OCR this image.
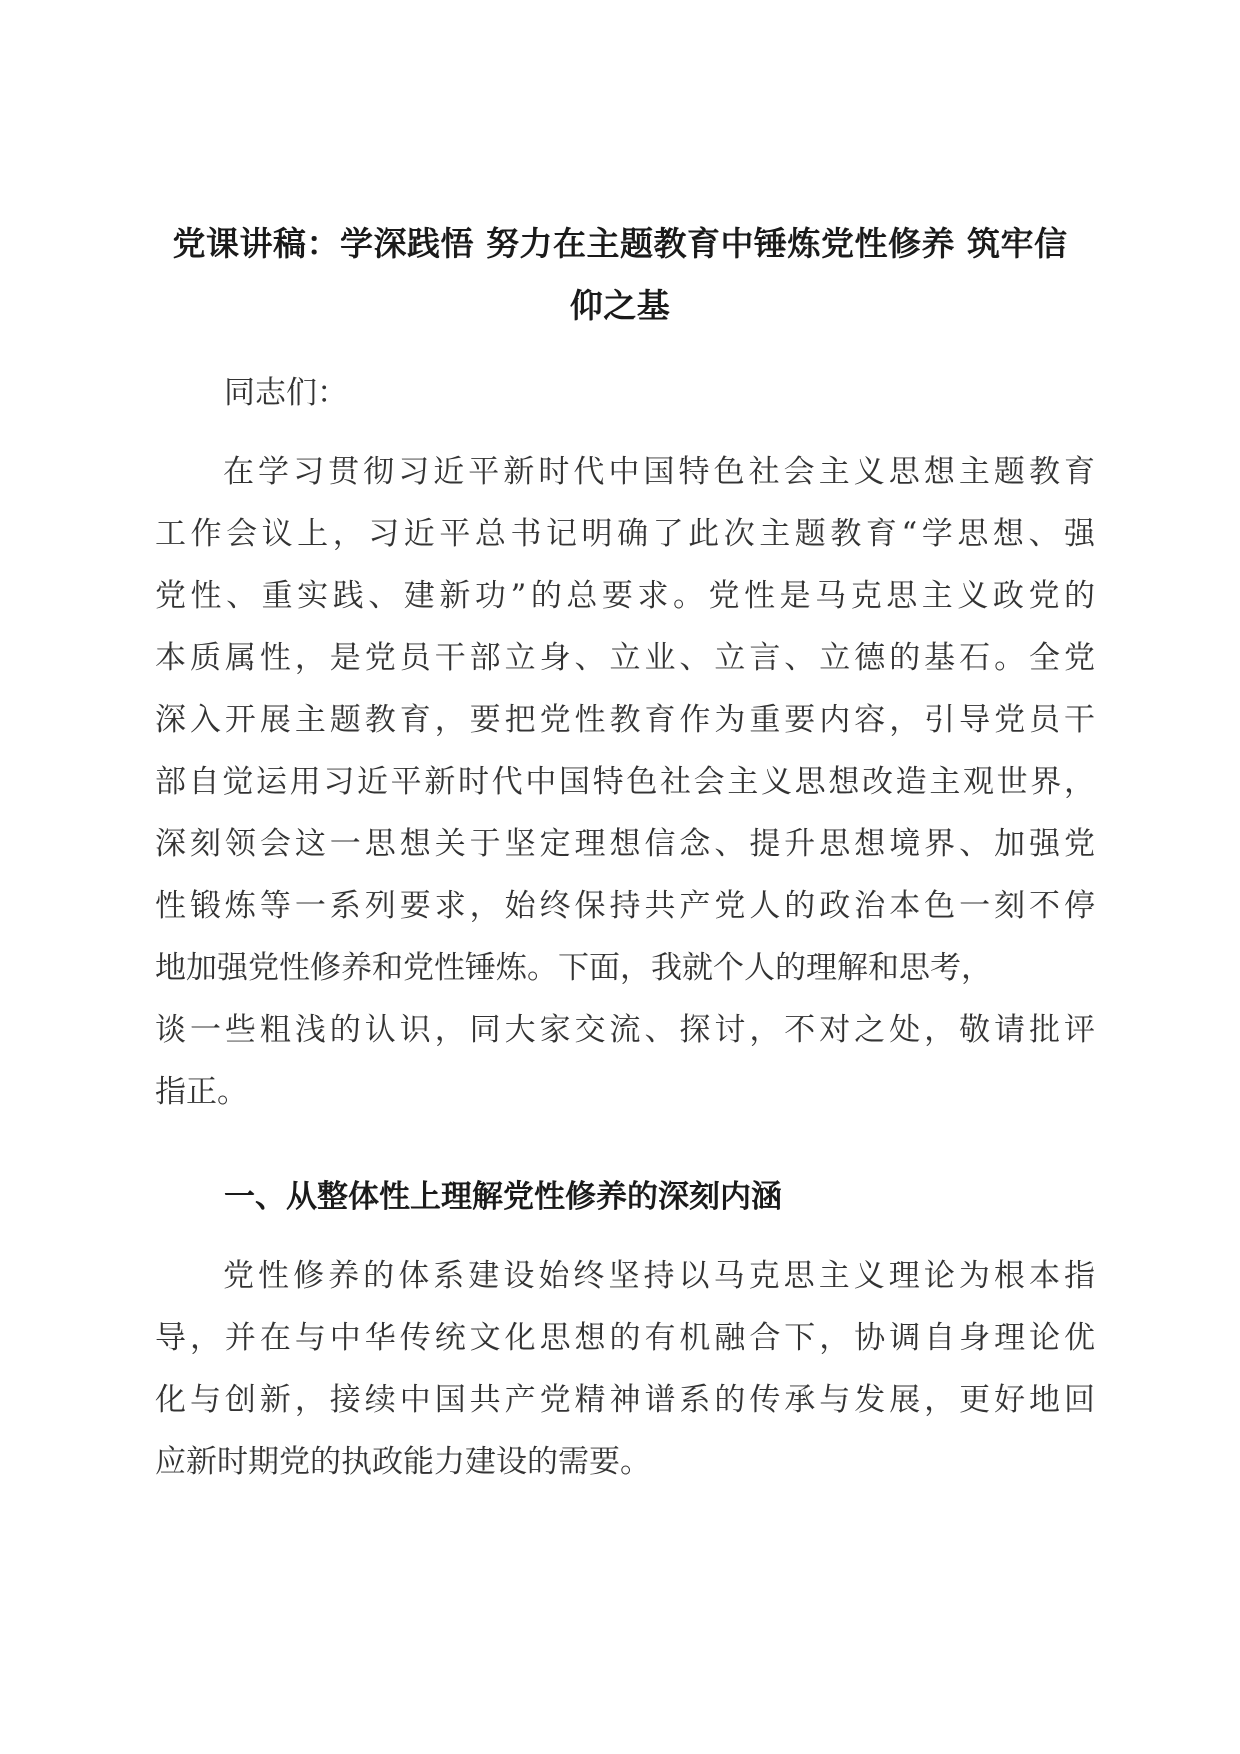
党课讲稿：学深践悟 努力在主题教育中锤炼党性修养 筑牢信
仰之基

同志们：

在学习贯彻习近平新时代中国特色社会主义思想主题教育
工作会议上，习近平总书记明确了此次主题教育“学思想、强
党性、重实践、建新功”的总要求。党性是马克思主义政党的
本质属性，是党员干部立身、立业、立言、立德的基石。全党
深入开展主题教育，要把党性教育作为重要内容，引导党员干
部自觉运用习近平新时代中国特色社会主义思想改造主观世界，
深刻领会这一思想关于坚定理想信念、提升思想境界、加强党
性锻炼等一系列要求，始终保持共产党人的政治本色一刻不停
地加强党性修养和党性锤炼。下面，我就个人的理解和思考，
谈一些粗浅的认识，同大家交流、探讨，不对之处，敬请批评
指正。

一、从整体性上理解党性修养的深刻内涵

党性修养的体系建设始终坚持以马克思主义理论为根本指
导，并在与中华传统文化思想的有机融合下，协调自身理论优
化与创新，接续中国共产党精神谱系的传承与发展，更好地回
应新时期党的执政能力建设的需要。
